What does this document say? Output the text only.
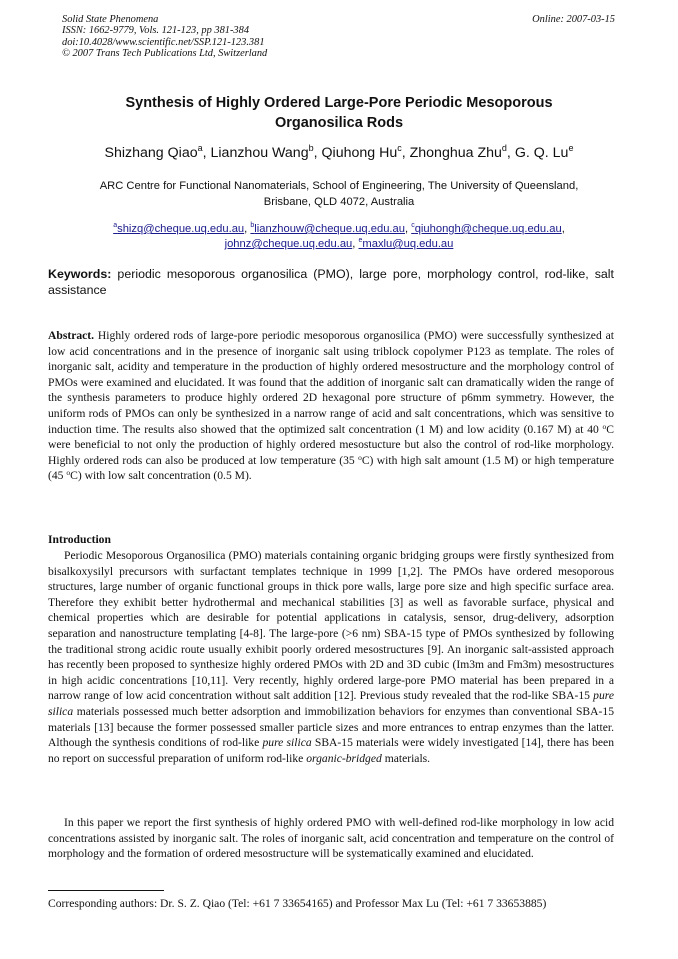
Solid State Phenomena
ISSN: 1662-9779, Vols. 121-123, pp 381-384
doi:10.4028/www.scientific.net/SSP.121-123.381
© 2007 Trans Tech Publications Ltd, Switzerland
Online: 2007-03-15
Synthesis of Highly Ordered Large-Pore Periodic Mesoporous
Organosilica Rods
Shizhang Qiao$^a$, Lianzhou Wang$^b$, Qiuhong Hu$^c$, Zhonghua Zhu$^d$, G. Q. Lu$^e$
ARC Centre for Functional Nanomaterials, School of Engineering, The University of Queensland,
Brisbane, QLD 4072, Australia
$^a$shizq@cheque.uq.edu.au, $^b$lianzhouw@cheque.uq.edu.au, $^c$qiuhongh@cheque.uq.edu.au,
johnz@cheque.uq.edu.au, $^e$maxlu@uq.edu.au
Keywords: periodic mesoporous organosilica (PMO), large pore, morphology control, rod-like, salt assistance
Abstract. Highly ordered rods of large-pore periodic mesoporous organosilica (PMO) were successfully synthesized at low acid concentrations and in the presence of inorganic salt using triblock copolymer P123 as template. The roles of inorganic salt, acidity and temperature in the production of highly ordered mesostructure and the morphology control of PMOs were examined and elucidated. It was found that the addition of inorganic salt can dramatically widen the range of the synthesis parameters to produce highly ordered 2D hexagonal pore structure of p6mm symmetry. However, the uniform rods of PMOs can only be synthesized in a narrow range of acid and salt concentrations, which was sensitive to induction time. The results also showed that the optimized salt concentration (1 M) and low acidity (0.167 M) at 40 $^o$C were beneficial to not only the production of highly ordered mesostucture but also the control of rod-like morphology. Highly ordered rods can also be produced at low temperature (35 $^o$C) with high salt amount (1.5 M) or high temperature (45 $^o$C) with low salt concentration (0.5 M).
Introduction
Periodic Mesoporous Organosilica (PMO) materials containing organic bridging groups were firstly synthesized from bisalkoxysilyl precursors with surfactant templates technique in 1999 [1,2]. The PMOs have ordered mesoporous structures, large number of organic functional groups in thick pore walls, large pore size and high specific surface area. Therefore they exhibit better hydrothermal and mechanical stabilities [3] as well as favorable surface, physical and chemical properties which are desirable for potential applications in catalysis, sensor, drug-delivery, adsorption separation and nanostructure templating [4-8]. The large-pore (>6 nm) SBA-15 type of PMOs synthesized by following the traditional strong acidic route usually exhibit poorly ordered mesostructures [9]. An inorganic salt-assisted approach has recently been proposed to synthesize highly ordered PMOs with 2D and 3D cubic (Im3m and Fm3m) mesostructures in high acidic concentrations [10,11]. Very recently, highly ordered large-pore PMO material has been prepared in a narrow range of low acid concentration without salt addition [12]. Previous study revealed that the rod-like SBA-15 pure silica materials possessed much better adsorption and immobilization behaviors for enzymes than conventional SBA-15 materials [13] because the former possessed smaller particle sizes and more entrances to entrap enzymes than the latter. Although the synthesis conditions of rod-like pure silica SBA-15 materials were widely investigated [14], there has been no report on successful preparation of uniform rod-like organic-bridged materials.
In this paper we report the first synthesis of highly ordered PMO with well-defined rod-like morphology in low acid concentrations assisted by inorganic salt. The roles of inorganic salt, acid concentration and temperature on the control of morphology and the formation of ordered mesostructure will be systematically examined and elucidated.
Corresponding authors: Dr. S. Z. Qiao (Tel: +61 7 33654165) and Professor Max Lu (Tel: +61 7 33653885)
